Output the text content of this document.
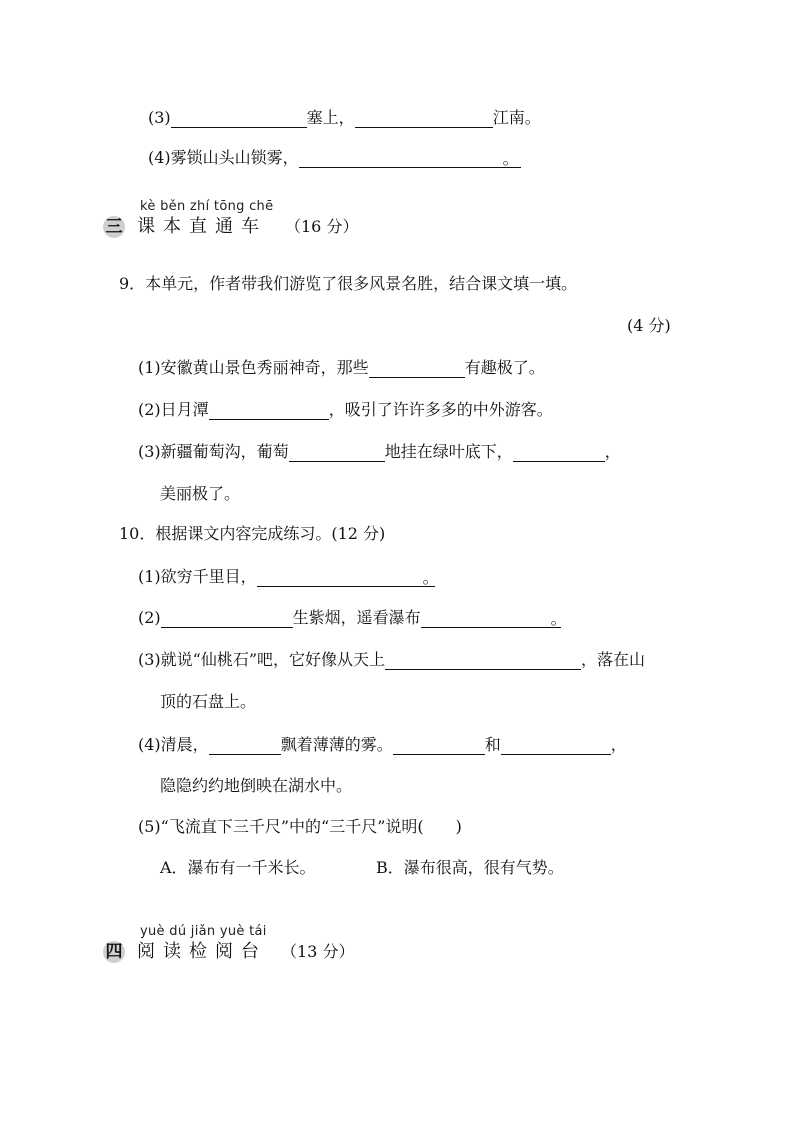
(3)	塞上，	江南。
(4)雾锁山头山锁雾，	。
kè běn zhí tōng chē
三 课本直通车 （16 分）
9．本单元，作者带我们游览了很多风景名胜，结合课文填一填。
(4 分)
(1)安徽黄山景色秀丽神奇，那些	有趣极了。
(2)日月潭	，吸引了许许多多的中外游客。
(3)新疆葡萄沟，葡萄	地挂在绿叶底下，	，
美丽极了。
10．根据课文内容完成练习。(12 分)
(1)欲穷千里目，	。
(2)	生紫烟，遥看瀑布	。
(3)就说“仙桃石”吧，它好像从天上	，落在山
顶的石盘上。
(4)清晨，	飘着薄薄的雾。	和	，
隐隐约约地倒映在湖水中。
(5)“飞流直下三千尺”中的“三千尺”说明(　　)
A．瀑布有一千米长。	B．瀑布很高，很有气势。
yuè dú jiǎn yuè tái
四 阅读检阅台 （13 分）
